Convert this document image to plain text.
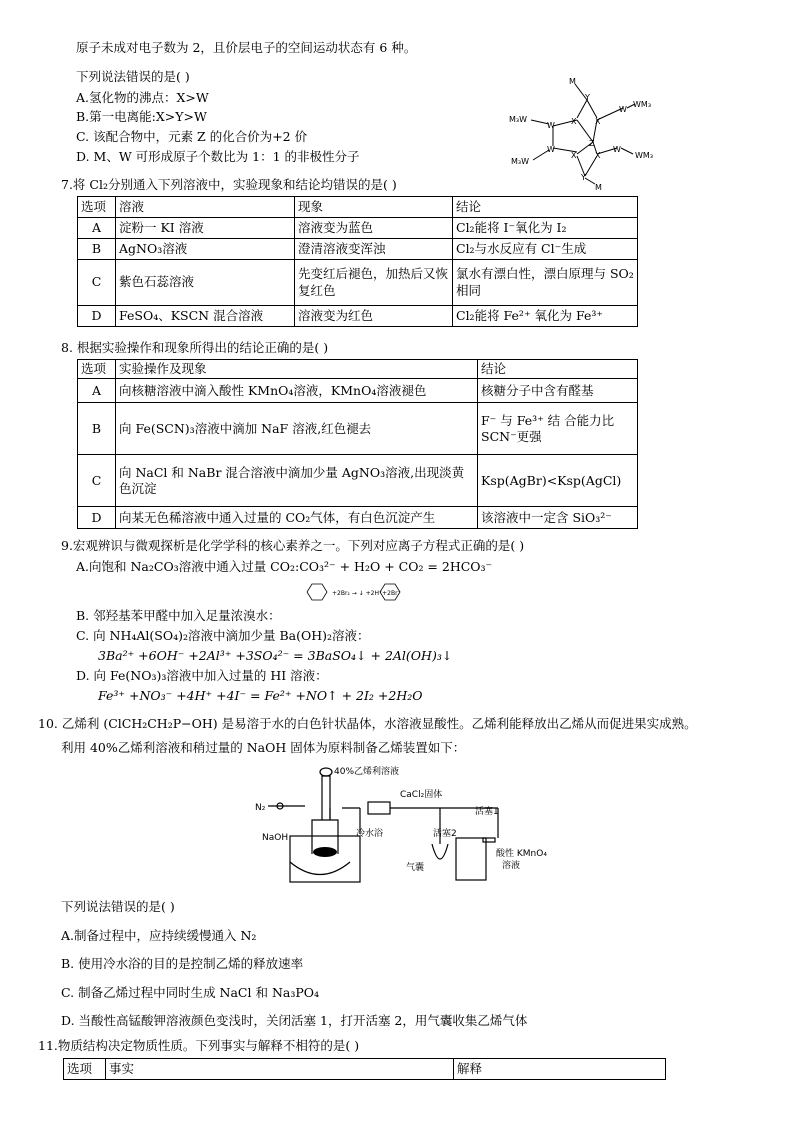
原子未成对电子数为 2，且价层电子的空间运动状态有 6 种。
下列说法错误的是( )
A.氢化物的沸点：X>W
B.第一电离能:X>Y>W
C. 该配合物中，元素 Z 的化合价为+2 价
D. M、W 可形成原子个数比为 1：1 的非极性分子
M
Y
M₃W
WM₃
M₃W
WM₃
X X
X X
Z
W
W
W
W
Y
M
7.将 Cl₂分别通入下列溶液中，实验现象和结论均错误的是( )
选项	溶液	现象	结论
A	淀粉一 KI 溶液	溶液变为蓝色	Cl₂能将 I⁻氧化为 I₂
B	AgNO₃溶液	澄清溶液变浑浊	Cl₂与水反应有 Cl⁻生成
C	紫色石蕊溶液	先变红后褪色，加热后又恢复红色	氯水有漂白性，漂白原理与 SO₂相同
D	FeSO₄、KSCN 混合溶液	溶液变为红色	Cl₂能将 Fe²⁺ 氧化为 Fe³⁺
8. 根据实验操作和现象所得出的结论正确的是( )
选项	实验操作及现象	结论
A	向核糖溶液中滴入酸性 KMnO₄溶液，KMnO₄溶液褪色	核糖分子中含有醛基
B	向 Fe(SCN)₃溶液中滴加 NaF 溶液,红色褪去	F⁻ 与 Fe³⁺ 结 合能力比 SCN⁻更强
C	向 NaCl 和 NaBr 混合溶液中滴加少量 AgNO₃溶液,出现淡黄色沉淀	Ksp(AgBr)<Ksp(AgCl)
D	向某无色稀溶液中通入过量的 CO₂气体，有白色沉淀产生	该溶液中一定含 SiO₃²⁻
9.宏观辨识与微观探析是化学学科的核心素养之一。下列对应离子方程式正确的是( )
A.向饱和 Na₂CO₃溶液中通入过量 CO₂:CO₃²⁻ + H₂O + CO₂ = 2HCO₃⁻
+2Br₂ → ↓ +2H⁺+2Br⁻
B. 邻羟基苯甲醛中加入足量浓溴水：
C. 向 NH₄Al(SO₄)₂溶液中滴加少量 Ba(OH)₂溶液：
3Ba²⁺ +6OH⁻ +2Al³⁺ +3SO₄²⁻ = 3BaSO₄↓ + 2Al(OH)₃↓
D. 向 Fe(NO₃)₃溶液中加入过量的 HI 溶液：
Fe³⁺ +NO₃⁻ +4H⁺ +4I⁻ = Fe²⁺ +NO↑ + 2I₂ +2H₂O
10. 乙烯利 (ClCH₂CH₂P−OH) 是易溶于水的白色针状晶体，水溶液显酸性。乙烯利能释放出乙烯从而促进果实成熟。
利用 40%乙烯利溶液和稍过量的 NaOH 固体为原料制备乙烯装置如下：
40%乙烯利溶液
CaCl₂固体
活塞1
活塞2
N₂
NaOH	冷水浴
气囊
酸性 KMnO₄
溶液
下列说法错误的是( )
A.制备过程中，应持续缓慢通入 N₂
B. 使用冷水浴的目的是控制乙烯的释放速率
C. 制备乙烯过程中同时生成 NaCl 和 Na₃PO₄
D. 当酸性高锰酸钾溶液颜色变浅时，关闭活塞 1，打开活塞 2，用气囊收集乙烯气体
11.物质结构决定物质性质。下列事实与解释不相符的是( )
选项	事实	解释
